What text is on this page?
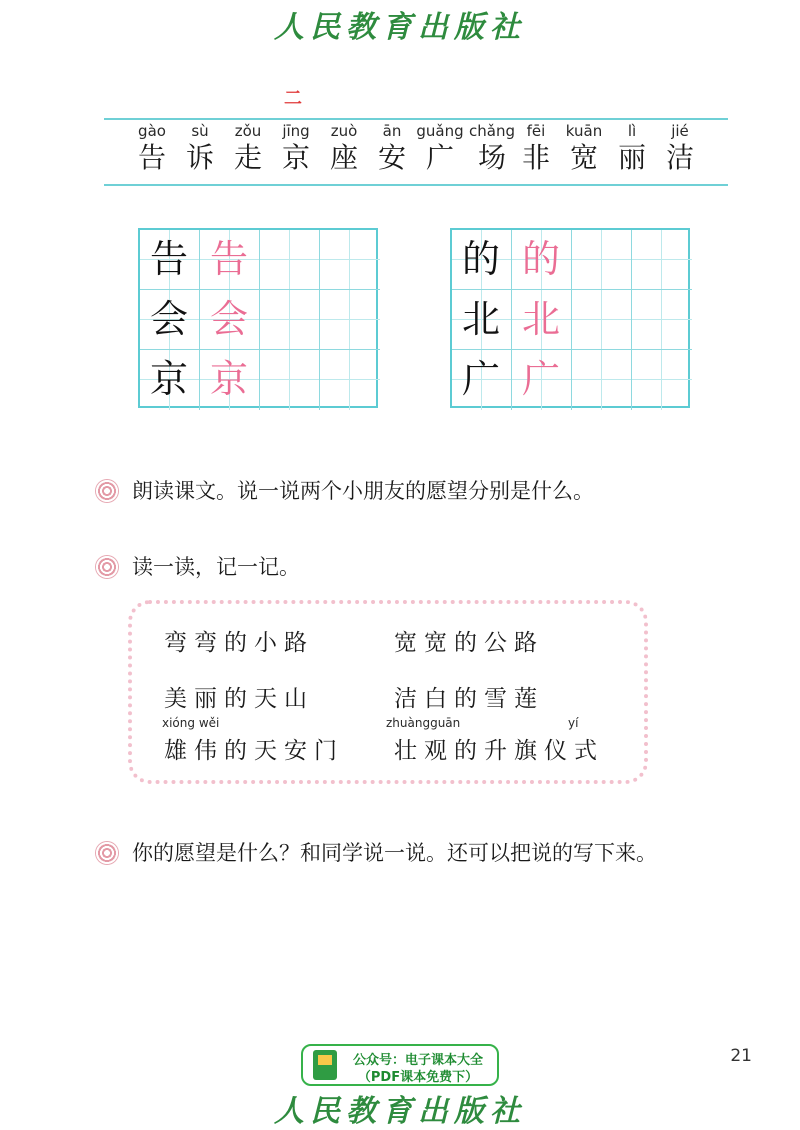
人民教育出版社
二
gào
告
sù
诉
zǒu
走
jīng
京
zuò
座
ān
安
guǎng
广
chǎng
场
fēi
非
kuān
宽
lì
丽
jié
洁
告 告
会 会
京 京
的 的
北 北
广 广
朗读课文。说一说两个小朋友的愿望分别是什么。
读一读，记一记。
弯弯的小路	宽宽的公路
美丽的天山	洁白的雪莲
xióng wěi	zhuàngguān	yí
雄伟的天安门 壮观的升旗仪式
你的愿望是什么？和同学说一说。还可以把说的写下来。
公众号：电子课本大全
（PDF课本免费下）
21
人民教育出版社
